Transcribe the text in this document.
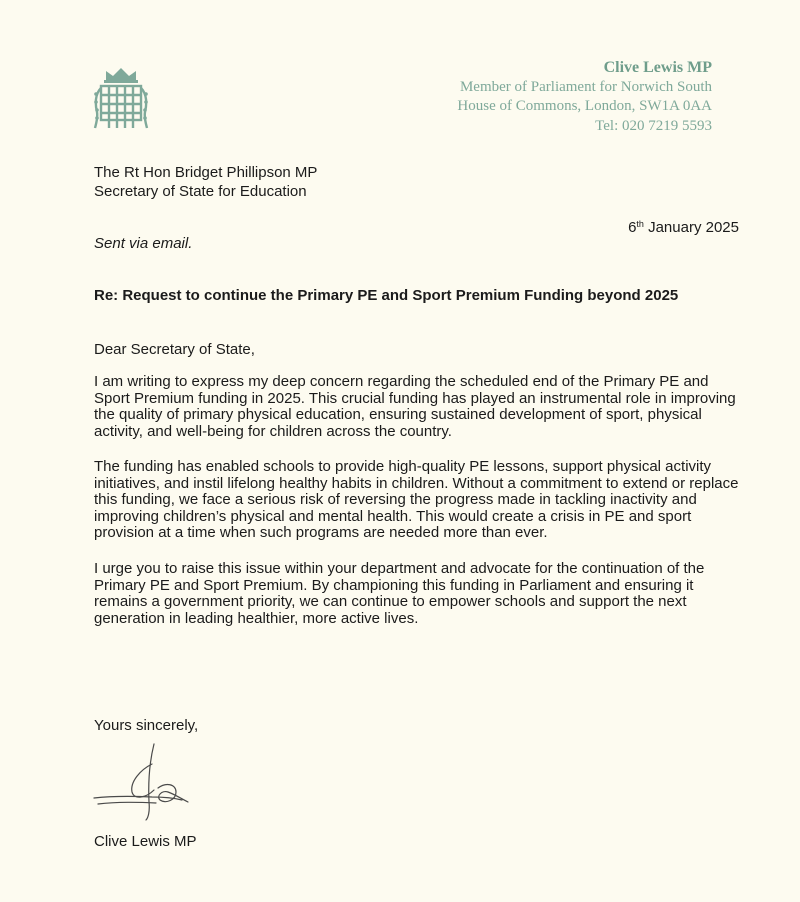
Clive Lewis MP
Member of Parliament for Norwich South
House of Commons, London, SW1A 0AA
Tel: 020 7219 5593
The Rt Hon Bridget Phillipson MP
Secretary of State for Education
6th January 2025
Sent via email.
Re: Request to continue the Primary PE and Sport Premium Funding beyond 2025
Dear Secretary of State,
I am writing to express my deep concern regarding the scheduled end of the Primary PE and Sport Premium funding in 2025. This crucial funding has played an instrumental role in improving the quality of primary physical education, ensuring sustained development of sport, physical activity, and well-being for children across the country.
The funding has enabled schools to provide high-quality PE lessons, support physical activity initiatives, and instil lifelong healthy habits in children. Without a commitment to extend or replace this funding, we face a serious risk of reversing the progress made in tackling inactivity and improving children’s physical and mental health. This would create a crisis in PE and sport provision at a time when such programs are needed more than ever.
I urge you to raise this issue within your department and advocate for the continuation of the Primary PE and Sport Premium. By championing this funding in Parliament and ensuring it remains a government priority, we can continue to empower schools and support the next generation in leading healthier, more active lives.
Yours sincerely,
Clive Lewis MP
